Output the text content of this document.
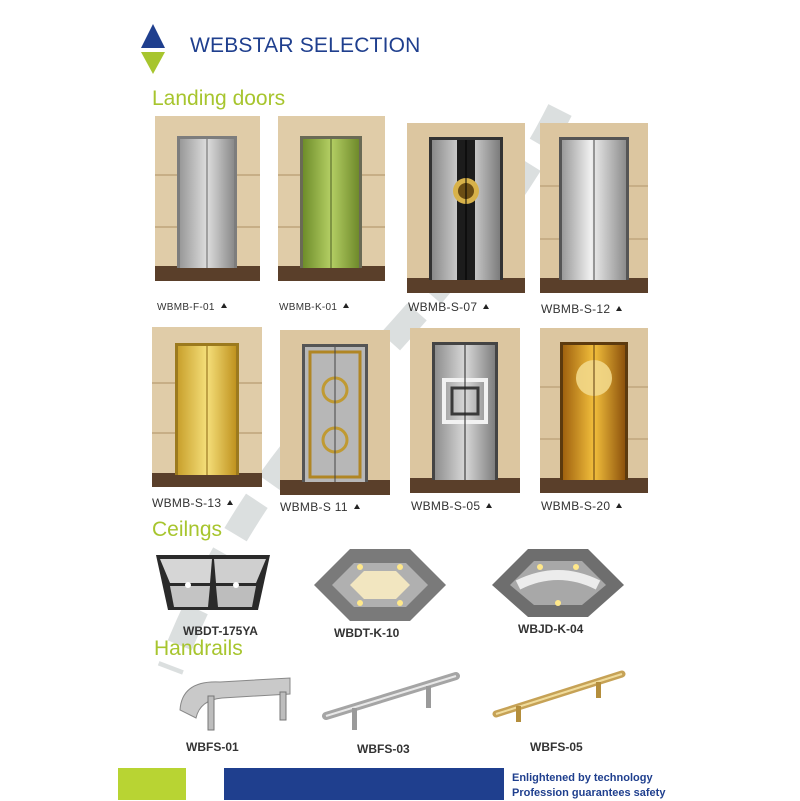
WEBSTAR SELECTION
Landing doors
WBMB-F-01	WBMB-K-01	WBMB-S-07	WBMB-S-12
WBMB-S-13	WBMB-S 11	WBMB-S-05	WBMB-S-20
Ceilngs
WBDT-175YA	WBDT-K-10	WBJD-K-04
Handrails
WBFS-01	WBFS-03	WBFS-05
Enlightened by technology
Profession guarantees safety
